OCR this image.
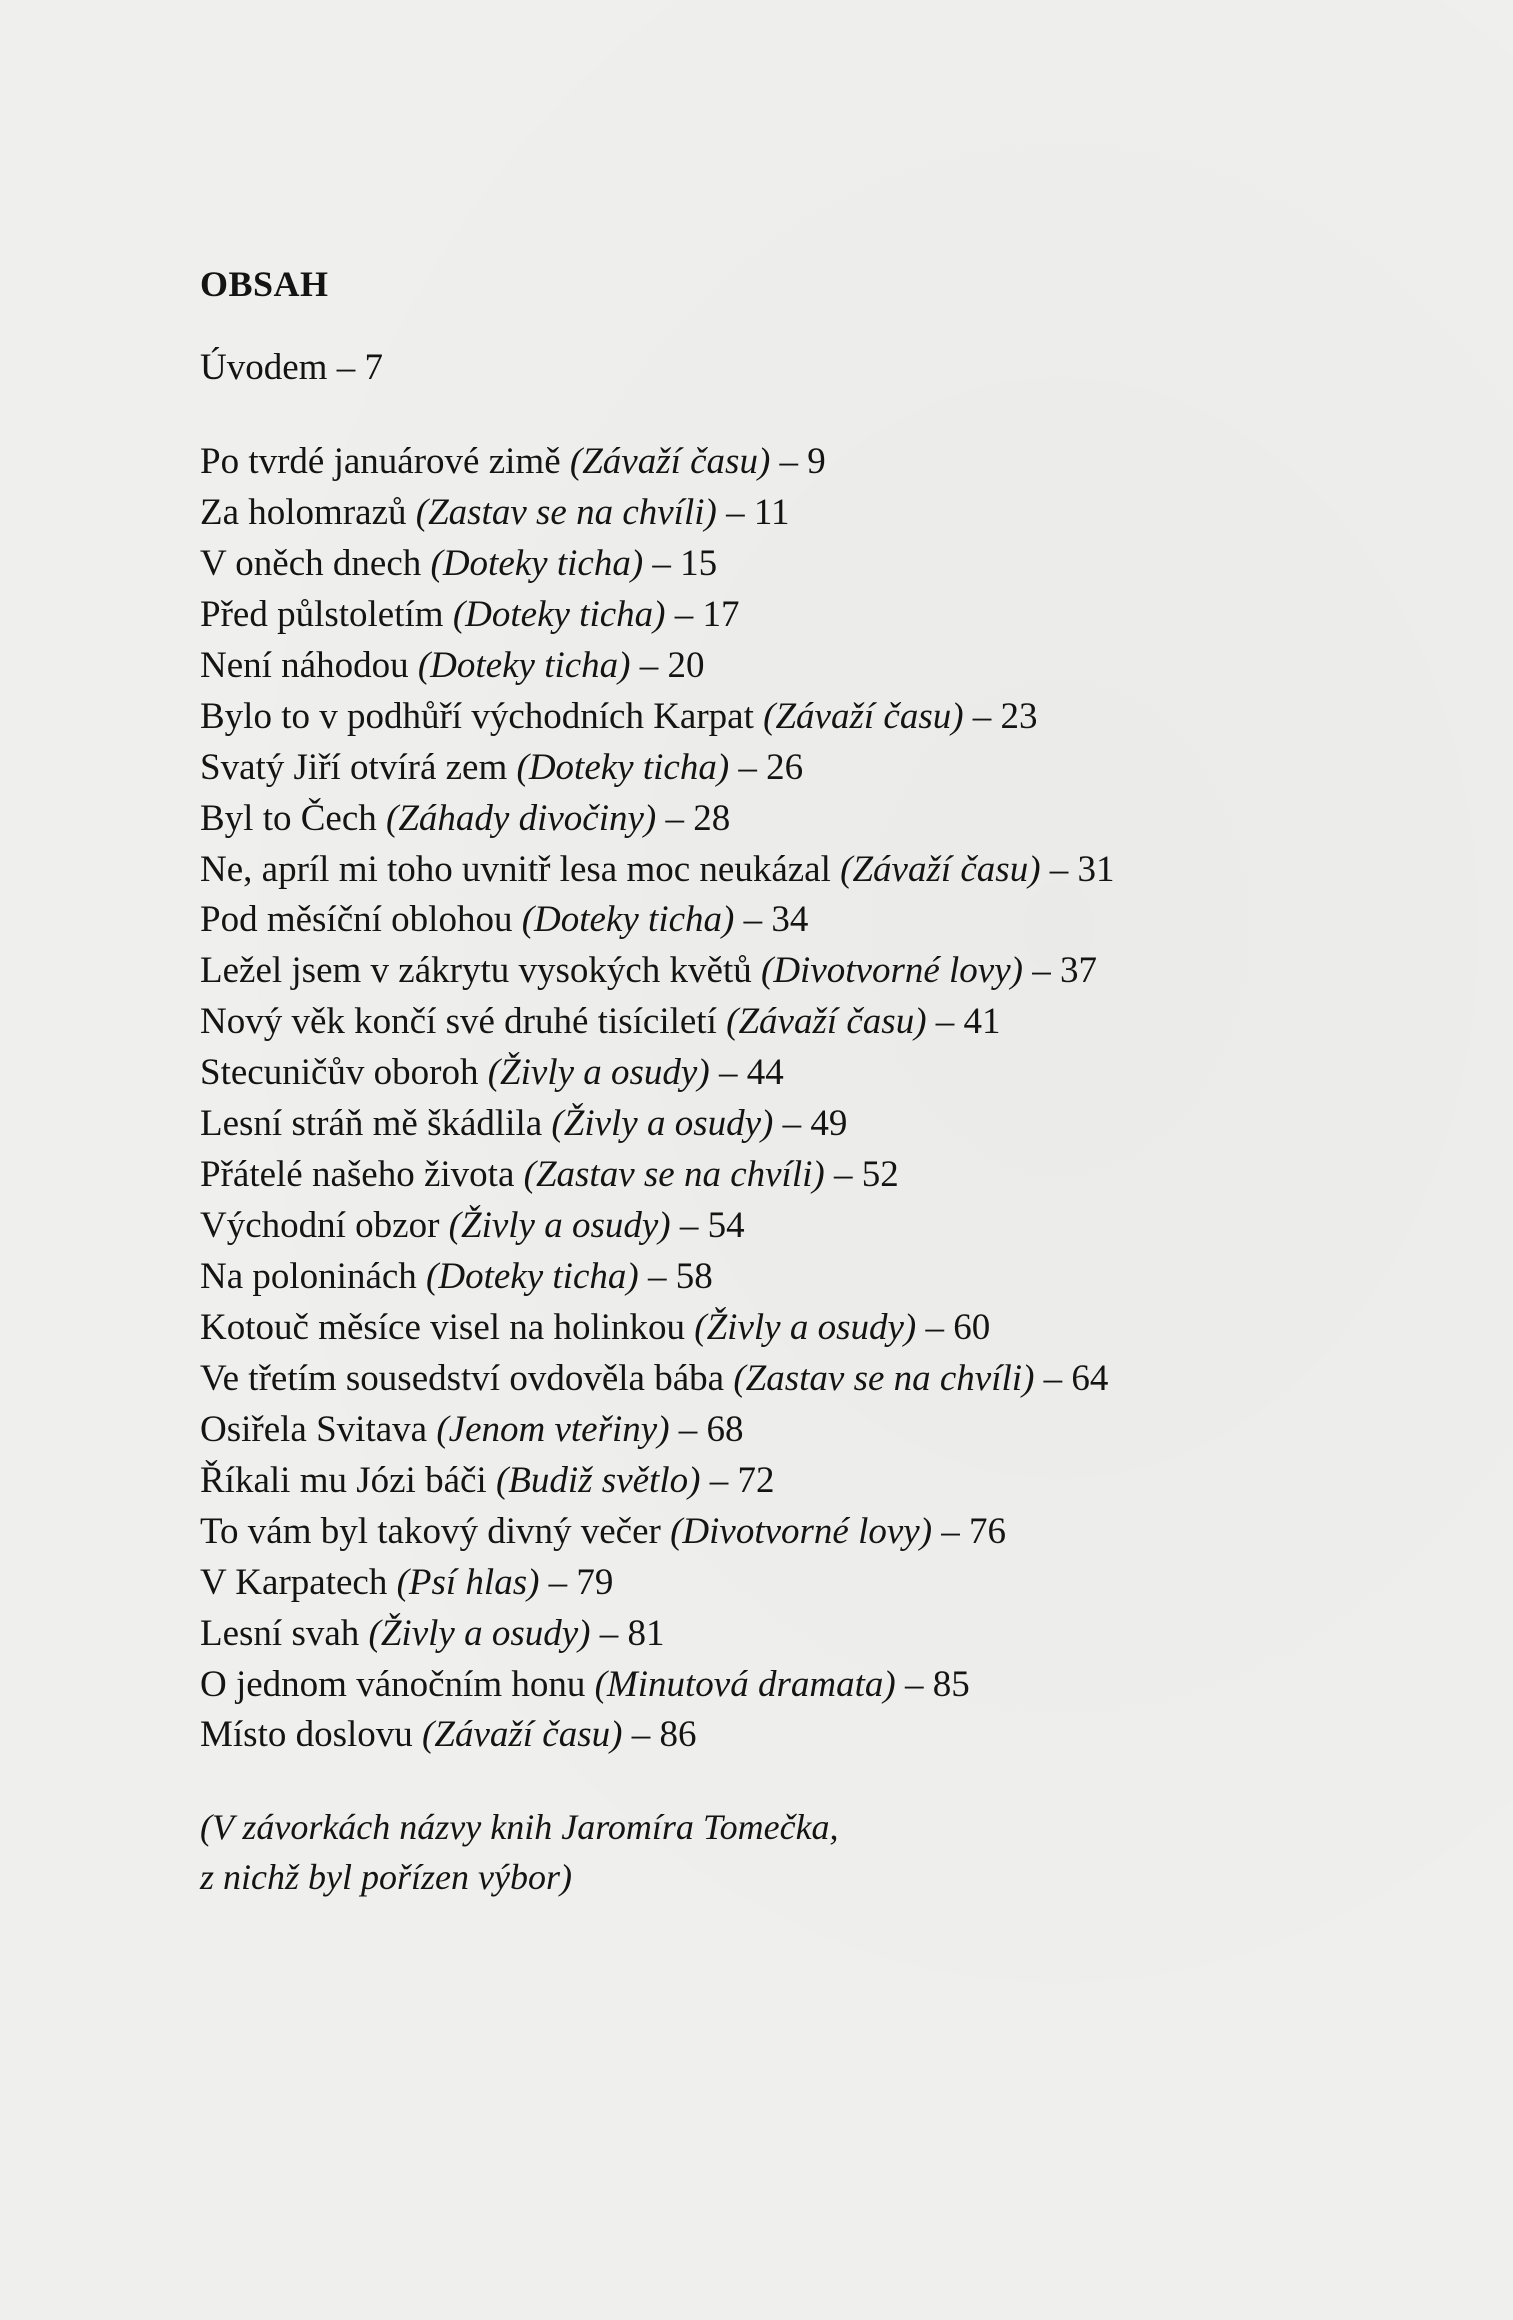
OBSAH
Úvodem – 7
Po tvrdé januárové zimě (Závaží času) – 9
Za holomrazů (Zastav se na chvíli) – 11
V oněch dnech (Doteky ticha) – 15
Před půlstoletím (Doteky ticha) – 17
Není náhodou (Doteky ticha) – 20
Bylo to v podhůří východních Karpat (Závaží času) – 23
Svatý Jiří otvírá zem (Doteky ticha) – 26
Byl to Čech (Záhady divočiny) – 28
Ne, apríl mi toho uvnitř lesa moc neukázal (Závaží času) – 31
Pod měsíční oblohou (Doteky ticha) – 34
Ležel jsem v zákrytu vysokých květů (Divotvorné lovy) – 37
Nový věk končí své druhé tisíciletí (Závaží času) – 41
Stecuničův oboroh (Živly a osudy) – 44
Lesní stráň mě škádlila (Živly a osudy) – 49
Přátelé našeho života (Zastav se na chvíli) – 52
Východní obzor (Živly a osudy) – 54
Na poloninách (Doteky ticha) – 58
Kotouč měsíce visel na holinkou (Živly a osudy) – 60
Ve třetím sousedství ovdověla bába (Zastav se na chvíli) – 64
Osiřela Svitava (Jenom vteřiny) – 68
Říkali mu Józi báči (Budiž světlo) – 72
To vám byl takový divný večer (Divotvorné lovy) – 76
V Karpatech (Psí hlas) – 79
Lesní svah (Živly a osudy) – 81
O jednom vánočním honu (Minutová dramata) – 85
Místo doslovu (Závaží času) – 86
(V závorkách názvy knih Jaromíra Tomečka,
z nichž byl pořízen výbor)
